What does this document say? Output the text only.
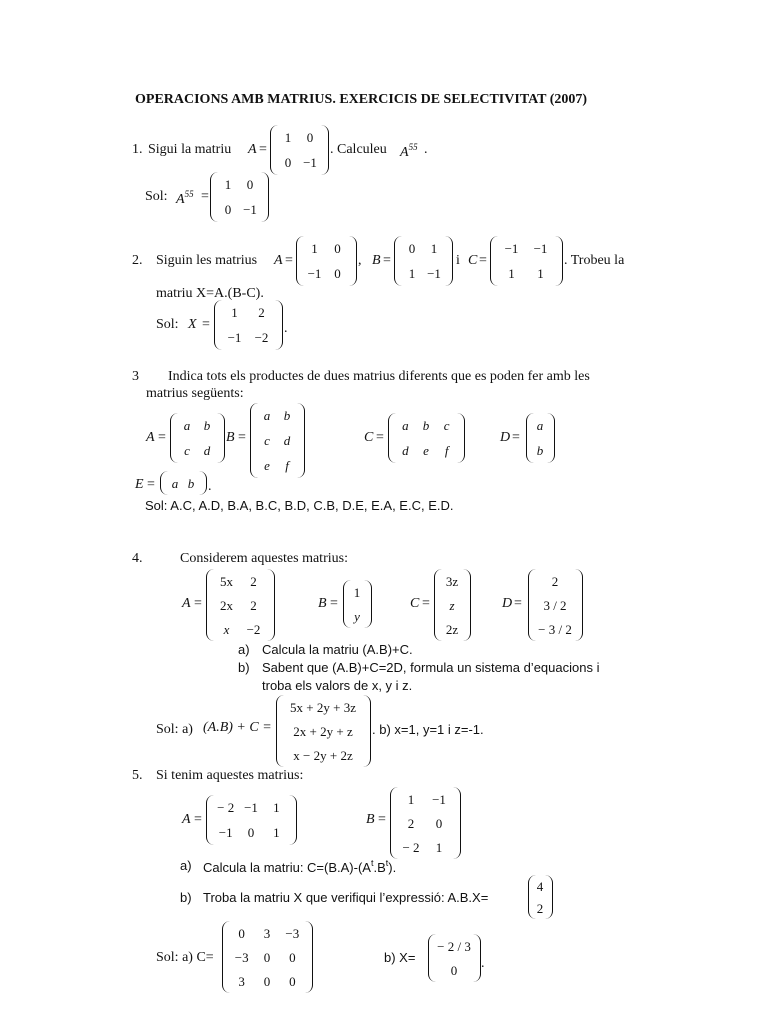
OPERACIONS AMB MATRIUS. EXERCICIS DE SELECTIVITAT (2007)
1. Sigui la matriu A =
1 0
0 −1
. Calculeu $A^{55}$ .
Sol: $A^{55}$ =
1 0
0 −1
2. Siguin les matrius A =
1 0
−1 0
, B =
0 1
1 −1
i C =
−1 −1
1 1
. Trobeu la
matriu X=A.(B-C).
Sol: X =
1 2
−1 −2
.
3 Indica tots els productes de dues matrius diferents que es poden fer amb les
matrius següents:
A =
a b
c d
B =
a b
c d
e f
C =
a b c
d e f
D =
a
b
E = a b .
Sol: A.C, A.D, B.A, B.C, B.D, C.B, D.E, E.A, E.C, E.D.
4.	Considerem aquestes matrius:
A =
5x 2
2x 2
x −2
B =
1
y
C =
3z
z
2z
D =
2
3 / 2
− 3 / 2
a) Calcula la matriu (A.B)+C.
b) Sabent que (A.B)+C=2D, formula un sistema d’equacions i
troba els valors de x, y i z.
Sol: a) (A.B) + C =
5x + 2y + 3z
2x + 2y + z
x − 2y + 2z
. b) x=1, y=1 i z=-1.
5. Si tenim aquestes matrius:
A =
− 2 −1 1
−1 0 1
B =
1 −1
2 0
− 2 1
a) Calcula la matriu: $C=(B.A)-(A^t.B^t)$.
b) Troba la matriu X que verifiqui l’expressió: A.B.X=
4
2
Sol: a) C=
0 3 −3
−3 0 0
3 0 0
b) X=
− 2 / 3
0 .
